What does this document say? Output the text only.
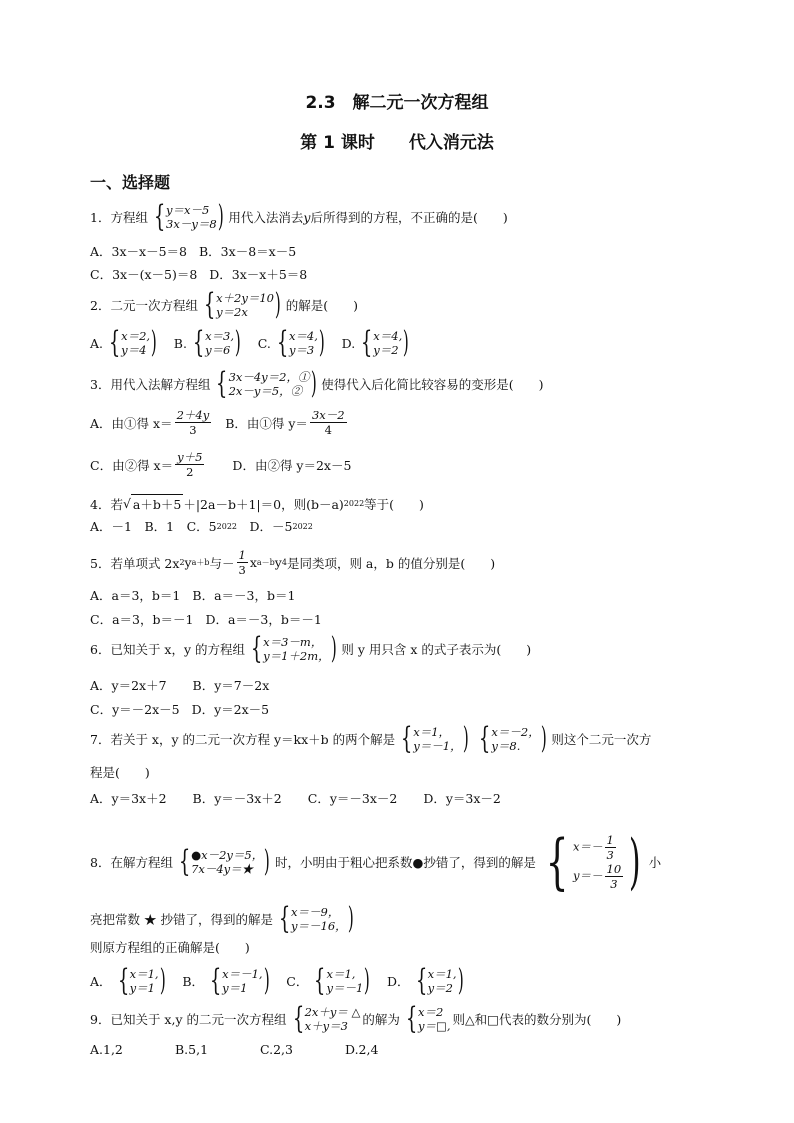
2.3　解二元一次方程组
第 1 课时　　代入消元法
一、选择题
1．方程组 { y＝x－5
3x－y＝8 ) 用代入法消去 y 后所得到的方程，不正确的是(　　)
A．3x－x－5＝8 B．3x－8＝x－5
C．3x－(x－5)＝8 D．3x－x＋5＝8
2．二元一次方程组 { x＋2y＝10
y＝2x ) 的解是(　　)
A. { x＝2,
y＝4 ) B. { x＝3,
y＝6 ) C. { x＝4,
y＝3 ) D. { x＝4,
y＝2 )
3．用代入法解方程组 { 3x－4y＝2，①
2x－y＝5，② ) 使得代入后化简比较容易的变形是(　　)
A．由①得 $x= \frac{2+4y}{3}$ B．由①得 $y= \frac{3x-2}{4}$
C．由②得 $x= \frac{y+5}{2}$ D．由②得 y＝2x－5
4．若 √ a＋b＋5 ＋|2a－b＋1|＝0，则(b－a) 2022 等于(　　)
A．－1　B．1　C．5 2022 　D．－5 2022
5．若单项式 2x 2 y a＋b 与－ $\frac{1}{3}$ x a－b y 4 是同类项，则 a，b 的值分别是(　　)
A．a＝3，b＝1 B．a＝－3，b＝1
C．a＝3，b＝－1 D．a＝－3，b＝－1
6．已知关于 x，y 的方程组 { x＝3－m，
y＝1＋2m， ) 则 y 用只含 x 的式子表示为(　　)
A．y＝2x＋7 B．y＝7－2x
C．y＝－2x－5 D．y＝2x－5
7．若关于 x，y 的二元一次方程 y＝kx＋b 的两个解是 { x＝1，
y＝－1， ) { x＝－2，
y＝8. ) 则这个二元一次方
程是(　　)
A．y＝3x＋2 B．y＝－3x＋2 C．y＝－3x－2 D．y＝3x－2
8．在解方程组 { ●x－2y＝5，
7x－4y＝★ ) 时，小明由于粗心把系数●抄错了，得到的解是 { $x=- \frac{1}{3}$
$y=- \frac{10}{3}$ ) 小
亮把常数 ★ 抄错了，得到的解是 { x＝－9，
y＝－16， )
则原方程组的正确解是(　　)
A． { x＝1,
y＝1 ) B． { x＝－1,
y＝1 ) C． { x＝1,
y＝－1 ) D． { x＝1,
y＝2 )
9．已知关于 x,y 的二元一次方程组 { 2x＋y＝ △
x＋y＝3	的解为 { x＝2
y＝□, 则△和□代表的数分别为(　　)
A.1,2	B.5,1	C.2,3	D.2,4
